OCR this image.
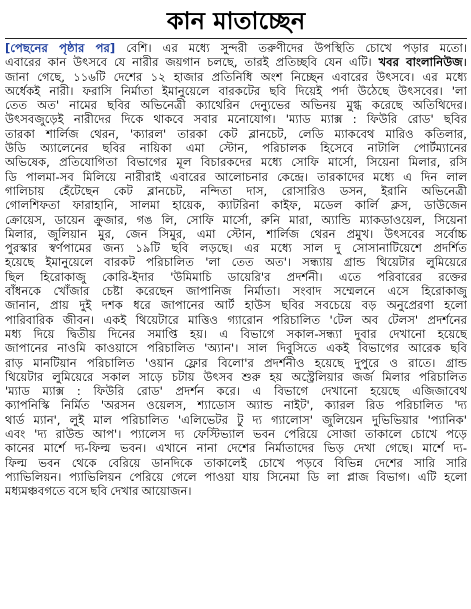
কান মাতাচ্ছেন
[পেছনের পৃষ্ঠার পর] বেশি। এর মধ্যে সুন্দরী তরুণীদের উপস্থিতি চোখে পড়ার মতো।
এবারের কান উৎসবে যে নারীর জয়গান চলছে, তারই প্রতিচ্ছবি যেন এটি। খবর বাংলানিউজ।
জানা গেছে, ১১৬টি দেশের ১২ হাজার প্রতিনিধি অংশ নিচ্ছেন এবারের উৎসবে। এর মধ্যে
অর্ধেকই নারী। ফরাসি নির্মাতা ইমানুয়েলে বারকটের ছবি দিয়েই পর্দা উঠেছে উৎসবের। 'লা
তেত অত' নামের ছবির অভিনেত্রী ক্যাথেরিন দেন্যুভের অভিনয় মুগ্ধ করেছে অতিথিদের।
উৎসবজুড়েই নারীদের দিকে থাকবে সবার মনোযোগ। 'ম্যাড ম্যাক্স : ফিউরি রোড' ছবির
তারকা শার্লিজ থেরন, 'ক্যারল' তারকা কেট ব্লানচেট, লেডি ম্যাকবেথ মারিও কতিলার,
উডি অ্যালেনের ছবির নায়িকা এমা স্টোন, পরিচালক হিসেবে নাটালি পোর্টম্যানের
অভিষেক, প্রতিযোগিতা বিভাগের মূল বিচারকদের মধ্যে সোফি মার্সো, সিয়েনা মিলার, রসি
ডি পালমা-সব মিলিয়ে নারীরাই এবারের আলোচনার কেন্দ্রে। তারকাদের মধ্যে এ দিন লাল
গালিচায় হেঁটেছেন কেট ব্লানচেট, নন্দিতা দাস, রোসারিও ডসন, ইরানি অভিনেত্রী
গোলশিফতা ফারাহানি, সালমা হায়েক, ক্যাটরিনা কাইফ, মডেল কার্লি ক্লস, ডাউজেন
ক্রোয়েস, ডায়েন ক্রুজার, গঙ লি, সোফি মার্সো, রুনি মারা, অ্যান্ডি ম্যাকডাওয়েল, সিয়েনা
মিলার, জুলিয়ান মুর, জেন সিমুর, এমা স্টোন, শার্লিজ থেরন প্রমুখ। উৎসবের সর্বোচ্চ
পুরস্কার স্বর্ণপামের জন্য ১৯টি ছবি লড়ছে। এর মধ্যে সাল দু সোসানাটিয়েশে প্রদর্শিত
হয়েছে ইমানুয়েলে বারকট পরিচালিত 'লা তেত অত'। সন্ধ্যায় গ্রান্ড থিয়েটার লুমিয়েরে
ছিল হিরোকাজু কোরি-ইদার 'উমিমাচি ডায়েরি'র প্রদর্শনী। এতে পরিবারের রক্তের
বাঁধনকে খোঁজার চেষ্টা করেছেন জাপানিজ নির্মাতা। সংবাদ সম্মেলনে এসে হিরোকাজু
জানান, প্রায় দুই দশক ধরে জাপানের আর্ট হাউস ছবির সবচেয়ে বড় অনুপ্রেরণা হলো
পারিবারিক জীবন। একই থিয়েটারে মাত্তিও গ্যারোন পরিচালিত 'টেল অব টেলস' প্রদর্শনের
মধ্য দিয়ে দ্বিতীয় দিনের সমাপ্তি হয়। এ বিভাগে সকাল-সন্ধ্যা দুবার দেখানো হয়েছে
জাপানের নাওমি কাওয়াসে পরিচালিত 'অ্যান'। সাল দিবুসিতে একই বিভাগের আরেক ছবি
রাড় মানটিয়ান পরিচালিত 'ওয়ান ফ্লোর বিলো'র প্রদর্শনীও হয়েছে দুপুরে ও রাতে। গ্রান্ড
থিয়েটার লুমিয়েরে সকাল সাড়ে চটায় উৎসব শুরু হয় অস্ট্রেলিয়ার জর্জ মিলার পরিচালিত
'ম্যাড ম্যাক্স : ফিউরি রোড' প্রদর্শন করে। এ বিভাগে দেখানো হয়েছে এজিজাবেথ
ক্যাপনিস্কি নির্মিত 'অরসন ওয়েলস, শ্যাডোস অ্যান্ড নাইট', ক্যারল রিড পরিচালিত 'দ্য
থার্ড ম্যান', লুই মাল পরিচালিত 'এলিভেটর টু দ্য গ্যালোস' জুলিয়েন দুভিভিয়ার 'প্যানিক'
এবং 'দ্য রাউন্ড আপ'। প্যালেস দ্য ফেস্টিভ্যাল ভবন পেরিয়ে সোজা তাকালে চোখে পড়ে
কানের মার্শে দ্য-ফিল্ম ভবন। এখানে নানা দেশের নির্মাতাদের ভিড় দেখা গেছে। মার্শে দ্য-
ফিল্ম ভবন থেকে বেরিয়ে ডানদিকে তাকালেই চোখে পড়বে বিভিন্ন দেশের সারি সারি
প্যাভিলিয়ন। প্যাভিলিয়ন পেরিয়ে গেলে পাওয়া যায় সিনেমা ডি লা প্লাজ বিভাগ। এটি হলো
মধ্যমঞ্চবগতে বসে ছবি দেখার আয়োজন।
